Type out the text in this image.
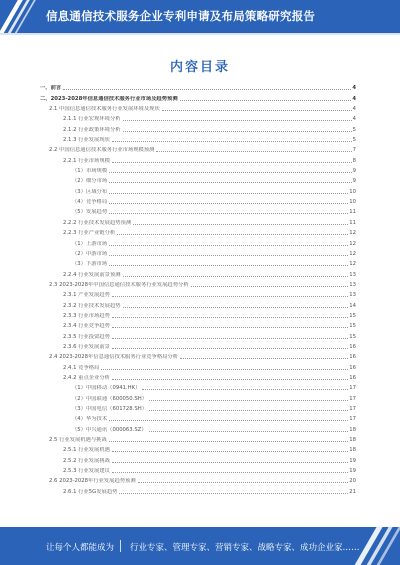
信息通信技术服务企业专利申请及布局策略研究报告
内容目录
一、前言	4
二、2023-2028年信息通信技术服务行业市场及趋势预测	4
2.1 中国信息通信技术服务行业发展环境及现状	4
2.1.1 行业宏观环境分析	4
2.1.2 行业政策环境分析	5
2.1.3 行业发展现状	5
2.2 中国信息通信技术服务行业市场规模预测	7
2.2.1 行业市场规模	8
（1）市场规模	9
（2）细分市场	9
（3）区域分布	10
（4）竞争格局	10
（5）发展趋势	11
2.2.2 行业技术发展趋势预测	11
2.2.3 行业产业链分析	12
（1）上游市场	12
（2）中游市场	12
（3）下游市场	12
2.2.4 行业发展前景预测	13
2.3 2023-2028年中国信息通信技术服务行业发展趋势分析	13
2.3.1 产业发展趋势	13
2.3.2 行业技术发展趋势	14
2.3.3 行业市场趋势	15
2.3.4 行业竞争趋势	15
2.3.5 行业投资趋势	15
2.3.6 行业发展前景	16
2.4 2023-2028年信息通信技术服务行业竞争格局分析	16
2.4.1 竞争格局	16
2.4.2 重点企业分析	16
（1）中国移动（0941.HK）	17
（2）中国联通（600050.SH）	17
（3）中国电信（601728.SH）	17
（4）华为技术	17
（5）中兴通讯（000063.SZ）	18
2.5 行业发展机遇与挑战	18
2.5.1 行业发展机遇	18
2.5.2 行业发展挑战	19
2.5.3 行业发展建议	19
2.6 2023-2028年行业发展趋势预测	20
2.6.1 行业5G发展趋势	21
让每个人都能成为 行业专家、管理专家、营销专家、战略专家、成功企业家……
